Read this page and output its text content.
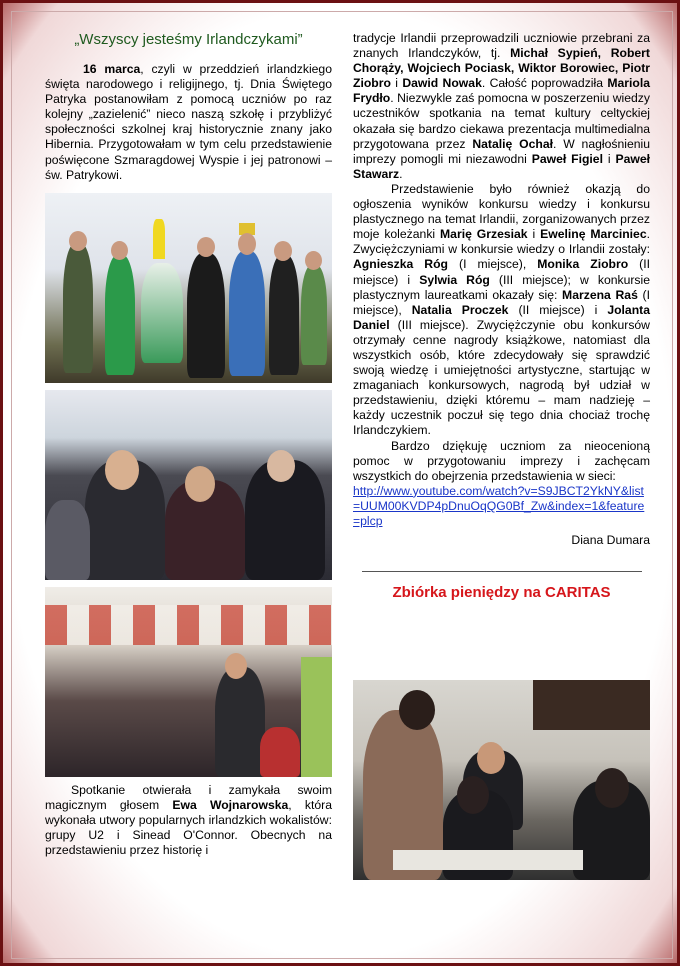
„Wszyscy jesteśmy Irlandczykami”

16 marca, czyli w przeddzień irlandzkiego święta narodowego i religijnego, tj. Dnia Świętego Patryka postanowiłam z pomocą uczniów po raz kolejny „zazielenić” nieco naszą szkołę i przybliżyć społeczności szkolnej kraj historycznie znany jako Hibernia. Przygotowałam w tym celu przedstawienie poświęcone Szmaragdowej Wyspie i jej patronowi – św. Patrykowi.

Spotkanie otwierała i zamykała swoim magicznym głosem Ewa Wojnarowska, która wykonała utwory popularnych irlandzkich wokalistów: grupy U2 i Sinead O'Connor. Obecnych na przedstawieniu przez historię i

tradycje Irlandii przeprowadzili uczniowie przebrani za znanych Irlandczyków, tj. Michał Sypień, Robert Chorąży, Wojciech Pociask, Wiktor Borowiec, Piotr Ziobro i Dawid Nowak. Całość poprowadziła Mariola Frydło. Niezwykle zaś pomocna w poszerzeniu wiedzy uczestników spotkania na temat kultury celtyckiej okazała się bardzo ciekawa prezentacja multimedialna przygotowana przez Natalię Ochał. W nagłośnieniu imprezy pomogli mi niezawodni Paweł Figiel i Paweł Stawarz.

Przedstawienie było również okazją do ogłoszenia wyników konkursu wiedzy i konkursu plastycznego na temat Irlandii, zorganizowanych przez moje koleżanki Marię Grzesiak i Ewelinę Marciniec. Zwyciężczyniami w konkursie wiedzy o Irlandii zostały: Agnieszka Róg (I miejsce), Monika Ziobro (II miejsce) i Sylwia Róg (III miejsce); w konkursie plastycznym laureatkami okazały się: Marzena Raś (I miejsce), Natalia Proczek (II miejsce) i Jolanta Daniel (III miejsce). Zwyciężczynie obu konkursów otrzymały cenne nagrody książkowe, natomiast dla wszystkich osób, które zdecydowały się sprawdzić swoją wiedzę i umiejętności artystyczne, startując w zmaganiach konkursowych, nagrodą był udział w przedstawieniu, dzięki któremu – mam nadzieję – każdy uczestnik poczuł się tego dnia chociaż trochę Irlandczykiem.

Bardzo dziękuję uczniom za nieocenioną pomoc w przygotowaniu imprezy i zachęcam wszystkich do obejrzenia przedstawienia w sieci:

http://www.youtube.com/watch?v=S9JBCT2YkNY&list=UUM00KVDP4pDnuOqQG0Bf_Zw&index=1&feature=plcp
Diana Dumara
Zbiórka pieniędzy na CARITAS
